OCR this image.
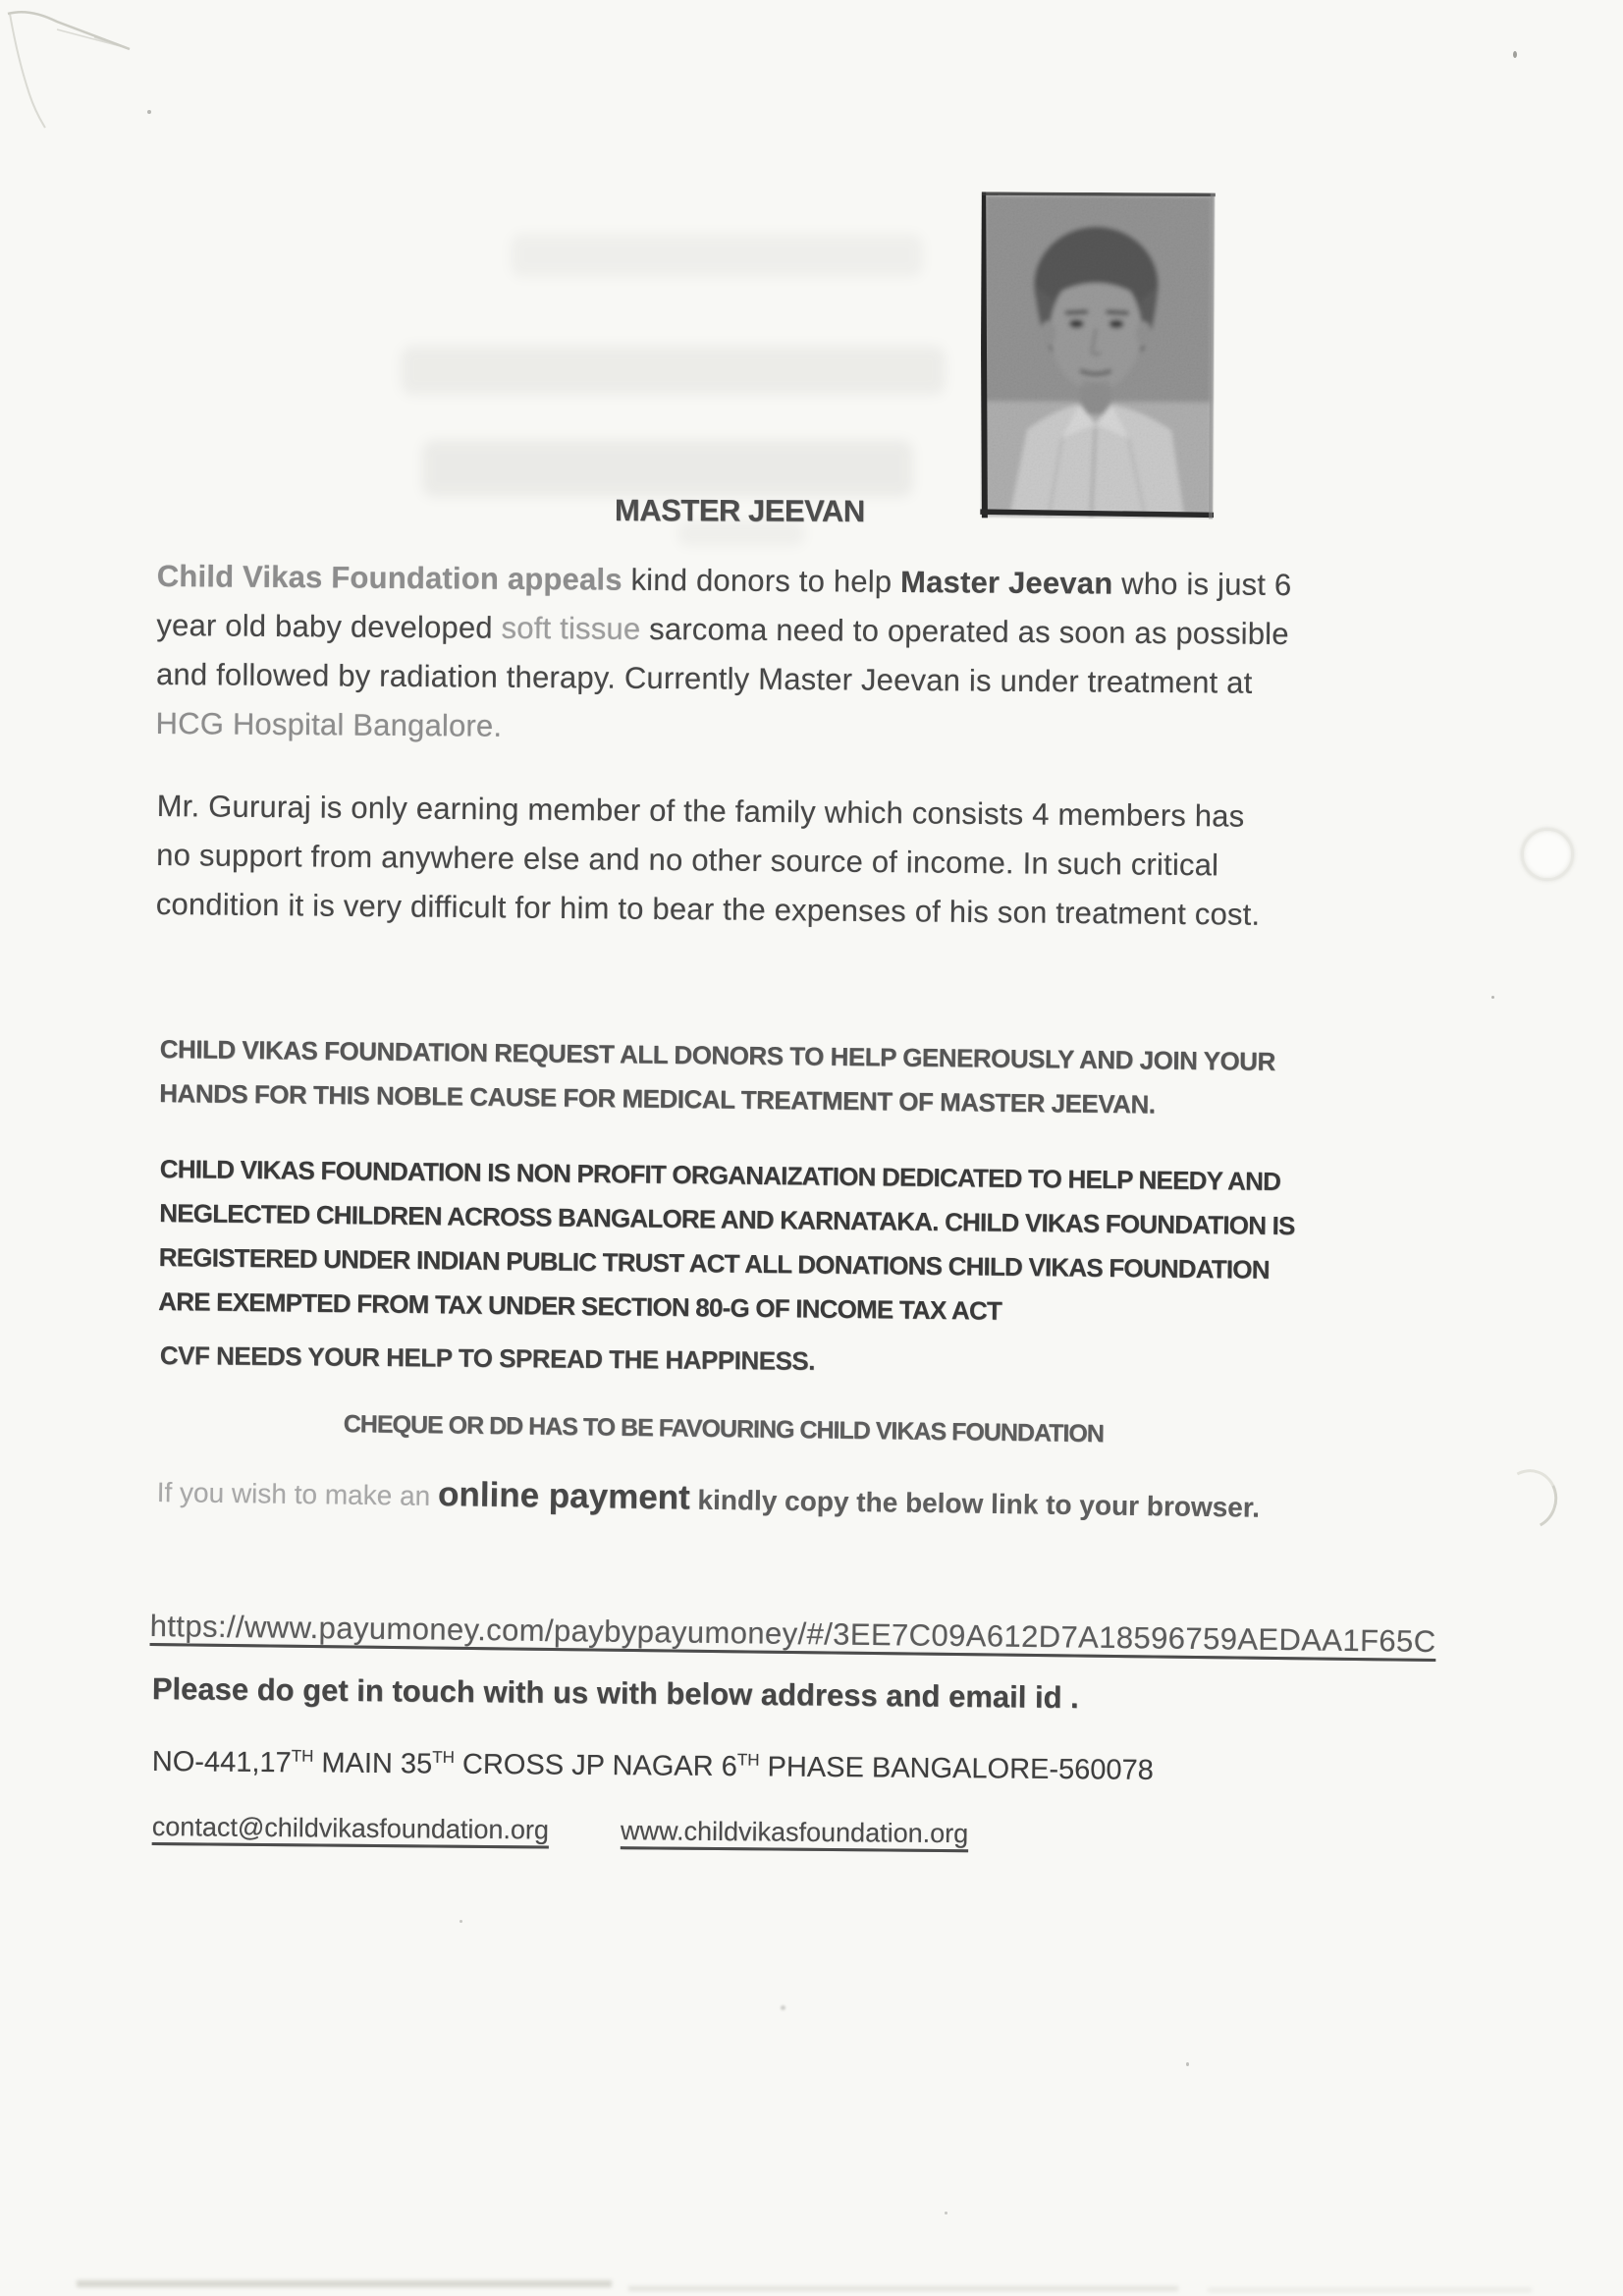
MASTER JEEVAN
Child Vikas Foundation appeals kind donors to help Master Jeevan who is just 6
year old baby developed soft tissue sarcoma need to operated as soon as possible
and followed by radiation therapy. Currently Master Jeevan is under treatment at
HCG Hospital Bangalore.
Mr. Gururaj is only earning member of the family which consists 4 members has
no support from anywhere else and no other source of income. In such critical
condition it is very difficult for him to bear the expenses of his son treatment cost.
CHILD VIKAS FOUNDATION REQUEST ALL DONORS TO HELP GENEROUSLY AND JOIN YOUR
HANDS FOR THIS NOBLE CAUSE FOR MEDICAL TREATMENT OF MASTER JEEVAN.
CHILD VIKAS FOUNDATION IS NON PROFIT ORGANAIZATION DEDICATED TO HELP NEEDY AND
NEGLECTED CHILDREN ACROSS BANGALORE AND KARNATAKA. CHILD VIKAS FOUNDATION IS
REGISTERED UNDER INDIAN PUBLIC TRUST ACT ALL DONATIONS CHILD VIKAS FOUNDATION
ARE EXEMPTED FROM TAX UNDER SECTION 80-G OF INCOME TAX ACT
CVF NEEDS YOUR HELP TO SPREAD THE HAPPINESS.
CHEQUE OR DD HAS TO BE FAVOURING CHILD VIKAS FOUNDATION
If you wish to make an online payment kindly copy the below link to your browser.
https://www.payumoney.com/paybypayumoney/#/3EE7C09A612D7A18596759AEDAA1F65C
Please do get in touch with us with below address and email id .
NO-441,17TH MAIN 35TH CROSS JP NAGAR 6TH PHASE BANGALORE-560078
contact@childvikasfoundation.org	www.childvikasfoundation.org
